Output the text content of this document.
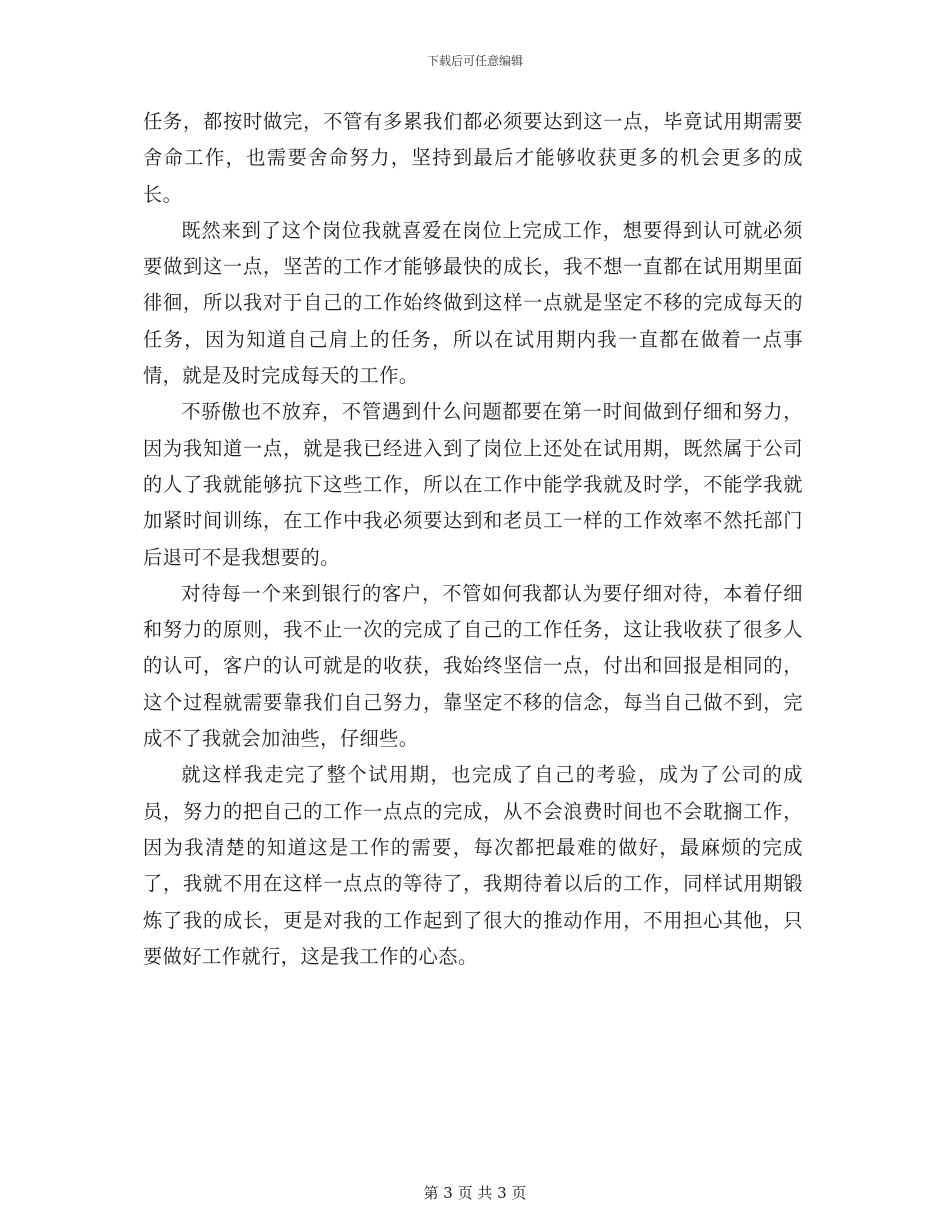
下载后可任意编辑

任务，都按时做完，不管有多累我们都必须要达到这一点，毕竟试用期需要舍命工作，也需要舍命努力，坚持到最后才能够收获更多的机会更多的成长。

既然来到了这个岗位我就喜爱在岗位上完成工作，想要得到认可就必须要做到这一点，坚苦的工作才能够最快的成长，我不想一直都在试用期里面徘徊，所以我对于自己的工作始终做到这样一点就是坚定不移的完成每天的任务，因为知道自己肩上的任务，所以在试用期内我一直都在做着一点事情，就是及时完成每天的工作。

不骄傲也不放弃，不管遇到什么问题都要在第一时间做到仔细和努力，因为我知道一点，就是我已经进入到了岗位上还处在试用期，既然属于公司的人了我就能够抗下这些工作，所以在工作中能学我就及时学，不能学我就加紧时间训练，在工作中我必须要达到和老员工一样的工作效率不然托部门后退可不是我想要的。

对待每一个来到银行的客户，不管如何我都认为要仔细对待，本着仔细和努力的原则，我不止一次的完成了自己的工作任务，这让我收获了很多人的认可，客户的认可就是的收获，我始终坚信一点，付出和回报是相同的，这个过程就需要靠我们自己努力，靠坚定不移的信念，每当自己做不到，完成不了我就会加油些，仔细些。

就这样我走完了整个试用期，也完成了自己的考验，成为了公司的成员，努力的把自己的工作一点点的完成，从不会浪费时间也不会耽搁工作，因为我清楚的知道这是工作的需要，每次都把最难的做好，最麻烦的完成了，我就不用在这样一点点的等待了，我期待着以后的工作，同样试用期锻炼了我的成长，更是对我的工作起到了很大的推动作用，不用担心其他，只要做好工作就行，这是我工作的心态。

第 3 页 共 3 页
